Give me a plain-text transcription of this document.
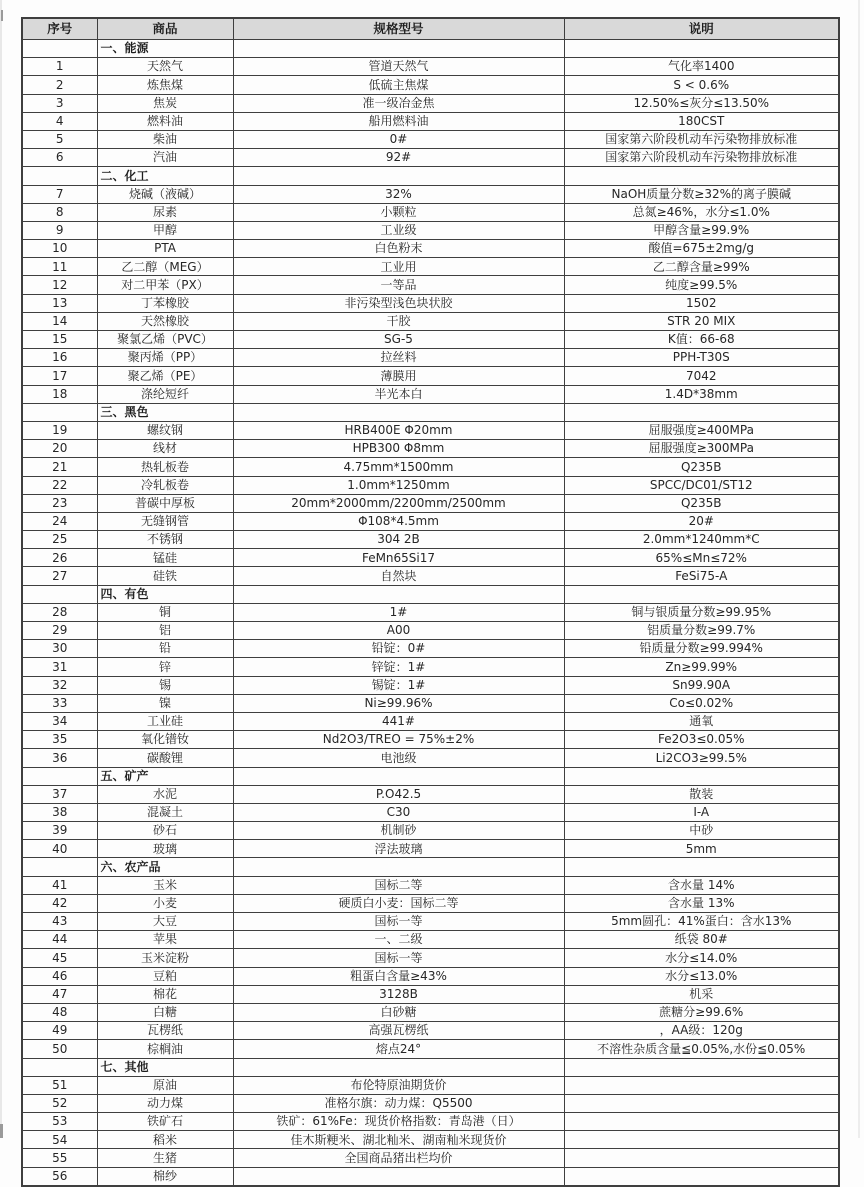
序号	商品	规格型号	说明
	一、能源		
1	天然气	管道天然气	气化率1400
2	炼焦煤	低硫主焦煤	S < 0.6%
3	焦炭	准一级冶金焦	12.50%≤灰分≤13.50%
4	燃料油	船用燃料油	180CST
5	柴油	0#	国家第六阶段机动车污染物排放标准
6	汽油	92#	国家第六阶段机动车污染物排放标准
	二、化工		
7	烧碱（液碱）	32%	NaOH质量分数≥32%的离子膜碱
8	尿素	小颗粒	总氮≥46%，水分≤1.0%
9	甲醇	工业级	甲醇含量≥99.9%
10	PTA	白色粉末	酸值=675±2mg/g
11	乙二醇（MEG）	工业用	乙二醇含量≥99%
12	对二甲苯（PX）	一等品	纯度≥99.5%
13	丁苯橡胶	非污染型浅色块状胶	1502
14	天然橡胶	干胶	STR 20 MIX
15	聚氯乙烯（PVC）	SG-5	K值：66-68
16	聚丙烯（PP）	拉丝料	PPH-T30S
17	聚乙烯（PE）	薄膜用	7042
18	涤纶短纤	半光本白	1.4D*38mm
	三、黑色		
19	螺纹钢	HRB400E Φ20mm	屈服强度≥400MPa
20	线材	HPB300 Φ8mm	屈服强度≥300MPa
21	热轧板卷	4.75mm*1500mm	Q235B
22	冷轧板卷	1.0mm*1250mm	SPCC/DC01/ST12
23	普碳中厚板	20mm*2000mm/2200mm/2500mm	Q235B
24	无缝钢管	Φ108*4.5mm	20#
25	不锈钢	304 2B	2.0mm*1240mm*C
26	锰硅	FeMn65Si17	65%≤Mn≤72%
27	硅铁	自然块	FeSi75-A
	四、有色		
28	铜	1#	铜与银质量分数≥99.95%
29	铝	A00	铝质量分数≥99.7%
30	铅	铅锭：0#	铅质量分数≥99.994%
31	锌	锌锭：1#	Zn≥99.99%
32	锡	锡锭：1#	Sn99.90A
33	镍	Ni≥99.96%	Co≤0.02%
34	工业硅	441#	通氧
35	氧化镨钕	Nd2O3/TREO = 75%±2%	Fe2O3≤0.05%
36	碳酸锂	电池级	Li2CO3≥99.5%
	五、矿产		
37	水泥	P.O42.5	散装
38	混凝土	C30	I-A
39	砂石	机制砂	中砂
40	玻璃	浮法玻璃	5mm
	六、农产品		
41	玉米	国标二等	含水量 14%
42	小麦	硬质白小麦：国标二等	含水量 13%
43	大豆	国标一等	5mm圆孔：41%蛋白：含水13%
44	苹果	一、二级	纸袋 80#
45	玉米淀粉	国标一等	水分≤14.0%
46	豆粕	粗蛋白含量≥43%	水分≤13.0%
47	棉花	3128B	机采
48	白糖	白砂糖	蔗糖分≥99.6%
49	瓦楞纸	高强瓦楞纸	，AA级：120g
50	棕榈油	熔点24°	不溶性杂质含量≦0.05%,水份≦0.05%
	七、其他		
51	原油	布伦特原油期货价	
52	动力煤	准格尔旗：动力煤：Q5500	
53	铁矿石	铁矿：61%Fe：现货价格指数：青岛港（日）	
54	稻米	佳木斯粳米、湖北籼米、湖南籼米现货价	
55	生猪	全国商品猪出栏均价	
56	棉纱		
